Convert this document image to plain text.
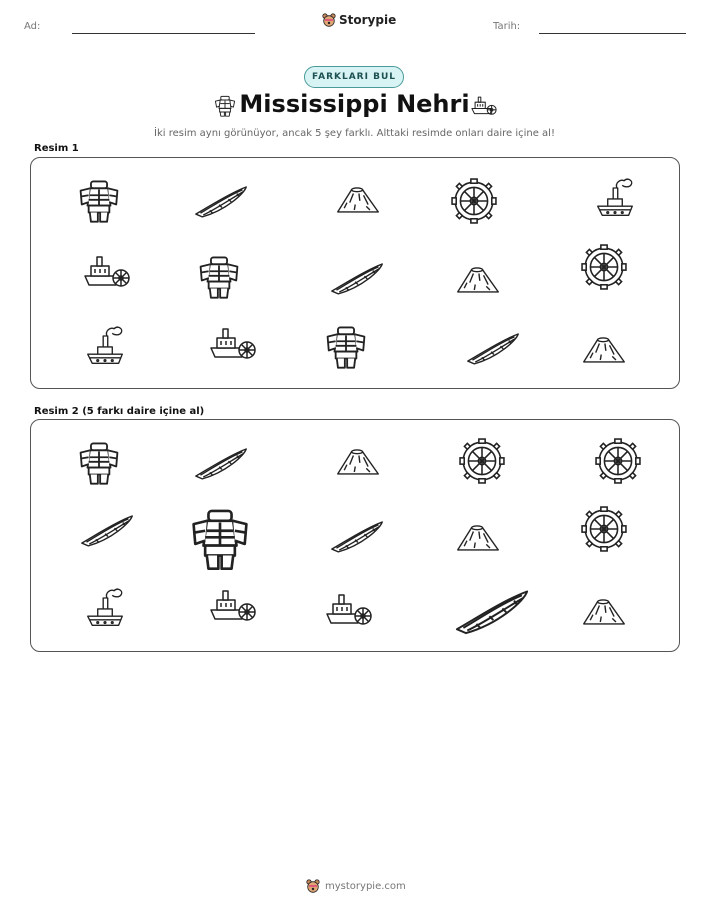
Ad:	Storypie	Tarih:
FARKLARI BUL
Mississippi Nehri
İki resim aynı görünüyor, ancak 5 şey farklı. Alttaki resimde onları daire içine al!
Resim 1
Resim 2 (5 farkı daire içine al)
mystorypie.com
